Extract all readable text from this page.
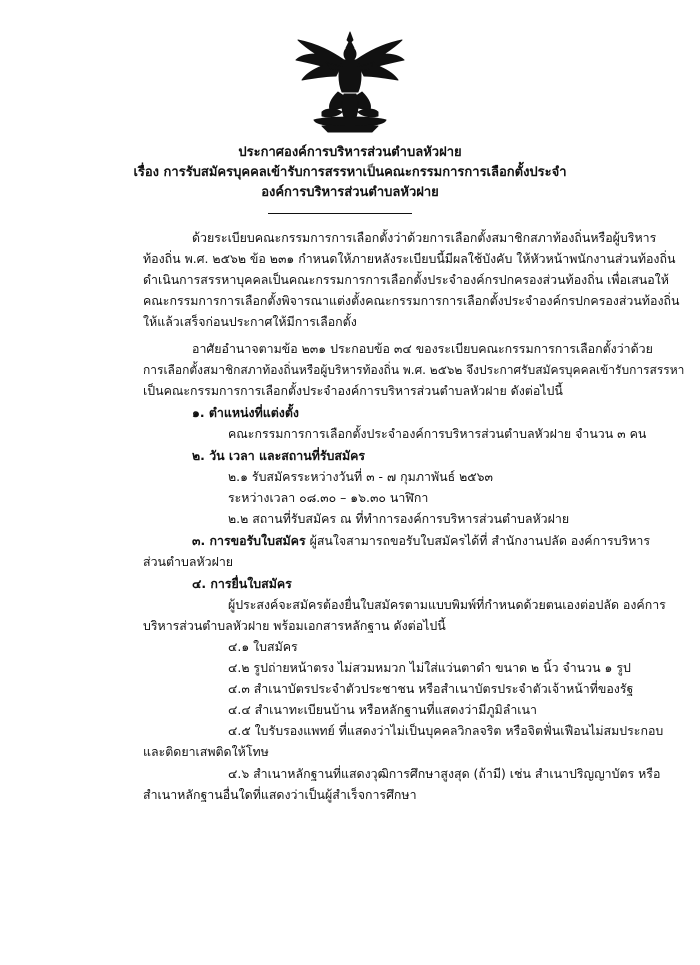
ประกาศองค์การบริหารส่วนตำบลหัวฝาย
เรื่อง การรับสมัครบุคคลเข้ารับการสรรหาเป็นคณะกรรมการการเลือกตั้งประจำ
องค์การบริหารส่วนตำบลหัวฝาย
ด้วยระเบียบคณะกรรมการการเลือกตั้งว่าด้วยการเลือกตั้งสมาชิกสภาท้องถิ่นหรือผู้บริหาร
ท้องถิ่น พ.ศ. ๒๕๖๒ ข้อ ๒๓๑ กำหนดให้ภายหลังระเบียบนี้มีผลใช้บังคับ ให้หัวหน้าพนักงานส่วนท้องถิ่น
ดำเนินการสรรหาบุคคลเป็นคณะกรรมการการเลือกตั้งประจำองค์กรปกครองส่วนท้องถิ่น เพื่อเสนอให้
คณะกรรมการการเลือกตั้งพิจารณาแต่งตั้งคณะกรรมการการเลือกตั้งประจำองค์กรปกครองส่วนท้องถิ่น
ให้แล้วเสร็จก่อนประกาศให้มีการเลือกตั้ง
อาศัยอำนาจตามข้อ ๒๓๑ ประกอบข้อ ๓๔ ของระเบียบคณะกรรมการการเลือกตั้งว่าด้วย
การเลือกตั้งสมาชิกสภาท้องถิ่นหรือผู้บริหารท้องถิ่น พ.ศ. ๒๕๖๒ จึงประกาศรับสมัครบุคคลเข้ารับการสรรหา
เป็นคณะกรรมการการเลือกตั้งประจำองค์การบริหารส่วนตำบลหัวฝาย ดังต่อไปนี้
๑. ตำแหน่งที่แต่งตั้ง
คณะกรรมการการเลือกตั้งประจำองค์การบริหารส่วนตำบลหัวฝาย จำนวน ๓ คน
๒. วัน เวลา และสถานที่รับสมัคร
๒.๑ รับสมัครระหว่างวันที่ ๓ - ๗ กุมภาพันธ์ ๒๕๖๓
ระหว่างเวลา ๐๘.๓๐ – ๑๖.๓๐ นาฬิกา
๒.๒ สถานที่รับสมัคร ณ ที่ทำการองค์การบริหารส่วนตำบลหัวฝาย
๓. การขอรับใบสมัคร ผู้สนใจสามารถขอรับใบสมัครได้ที่ สำนักงานปลัด องค์การบริหาร
ส่วนตำบลหัวฝาย
๔. การยื่นใบสมัคร
ผู้ประสงค์จะสมัครต้องยื่นใบสมัครตามแบบพิมพ์ที่กำหนดด้วยตนเองต่อปลัด องค์การ
บริหารส่วนตำบลหัวฝาย พร้อมเอกสารหลักฐาน ดังต่อไปนี้
๔.๑ ใบสมัคร
๔.๒ รูปถ่ายหน้าตรง ไม่สวมหมวก ไม่ใส่แว่นตาดำ ขนาด ๒ นิ้ว จำนวน ๑ รูป
๔.๓ สำเนาบัตรประจำตัวประชาชน หรือสำเนาบัตรประจำตัวเจ้าหน้าที่ของรัฐ
๔.๔ สำเนาทะเบียนบ้าน หรือหลักฐานที่แสดงว่ามีภูมิลำเนา
๔.๕ ใบรับรองแพทย์ ที่แสดงว่าไม่เป็นบุคคลวิกลจริต หรือจิตฟั่นเฟือนไม่สมประกอบ
และติดยาเสพติดให้โทษ
๔.๖ สำเนาหลักฐานที่แสดงวุฒิการศึกษาสูงสุด (ถ้ามี) เช่น สำเนาปริญญาบัตร หรือ
สำเนาหลักฐานอื่นใดที่แสดงว่าเป็นผู้สำเร็จการศึกษา
